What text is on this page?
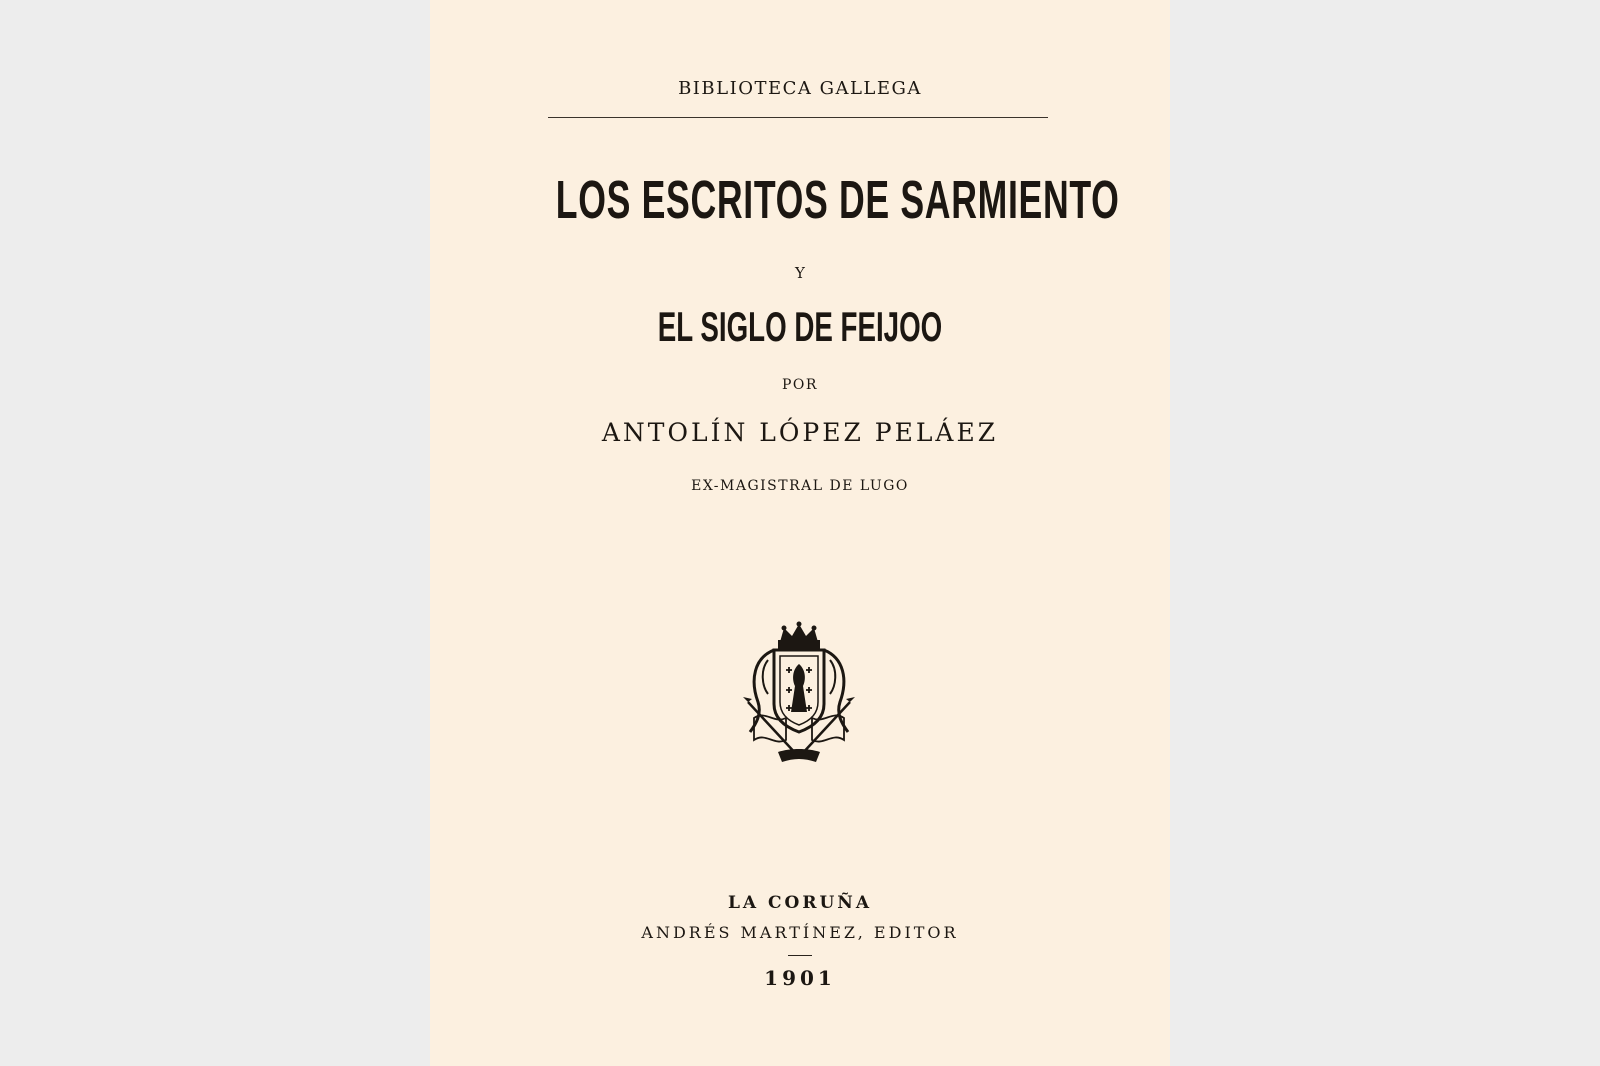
BIBLIOTECA GALLEGA
LOS ESCRITOS DE SARMIENTO
Y
EL SIGLO DE FEIJOO
POR
ANTOLÍN LÓPEZ PELÁEZ
EX-MAGISTRAL DE LUGO
LA CORUÑA
ANDRÉS MARTÍNEZ, EDITOR
1901
